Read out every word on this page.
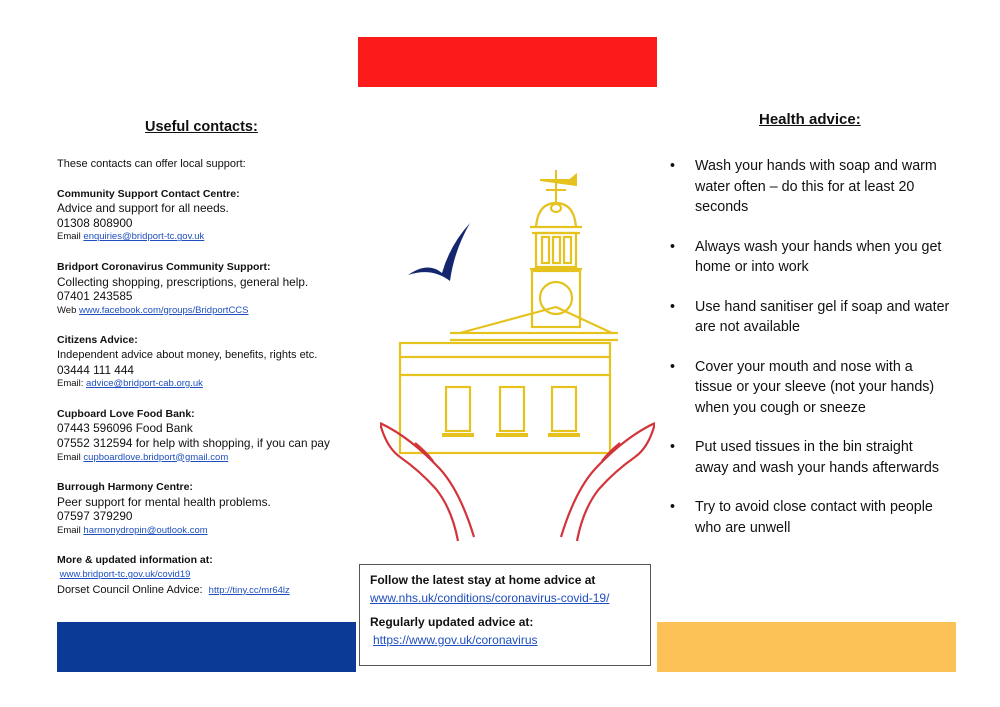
Useful contacts:
These contacts can offer local support:
Community Support Contact Centre:
Advice and support for all needs.
01308 808900
Email enquiries@bridport-tc.gov.uk
Bridport Coronavirus Community Support:
Collecting shopping, prescriptions, general help.
07401 243585
Web www.facebook.com/groups/BridportCCS
Citizens Advice:
Independent advice about money, benefits, rights etc.
03444 111 444
Email: advice@bridport-cab.org.uk
Cupboard Love Food Bank:
07443 596096 Food Bank
07552 312594 for help with shopping, if you can pay
Email cupboardlove.bridport@gmail.com
Burrough Harmony Centre:
Peer support for mental health problems.
07597 379290
Email harmonydropin@outlook.com
More & updated information at:
www.bridport-tc.gov.uk/covid19
Dorset Council Online Advice: http://tiny.cc/mr64lz
Health advice:
• Wash your hands with soap and warm water often – do this for at least 20 seconds
• Always wash your hands when you get home or into work
• Use hand sanitiser gel if soap and water are not available
• Cover your mouth and nose with a tissue or your sleeve (not your hands) when you cough or sneeze
• Put used tissues in the bin straight away and wash your hands afterwards
• Try to avoid close contact with people who are unwell
Follow the latest stay at home advice at
www.nhs.uk/conditions/coronavirus-covid-19/
Regularly updated advice at:
https://www.gov.uk/coronavirus
